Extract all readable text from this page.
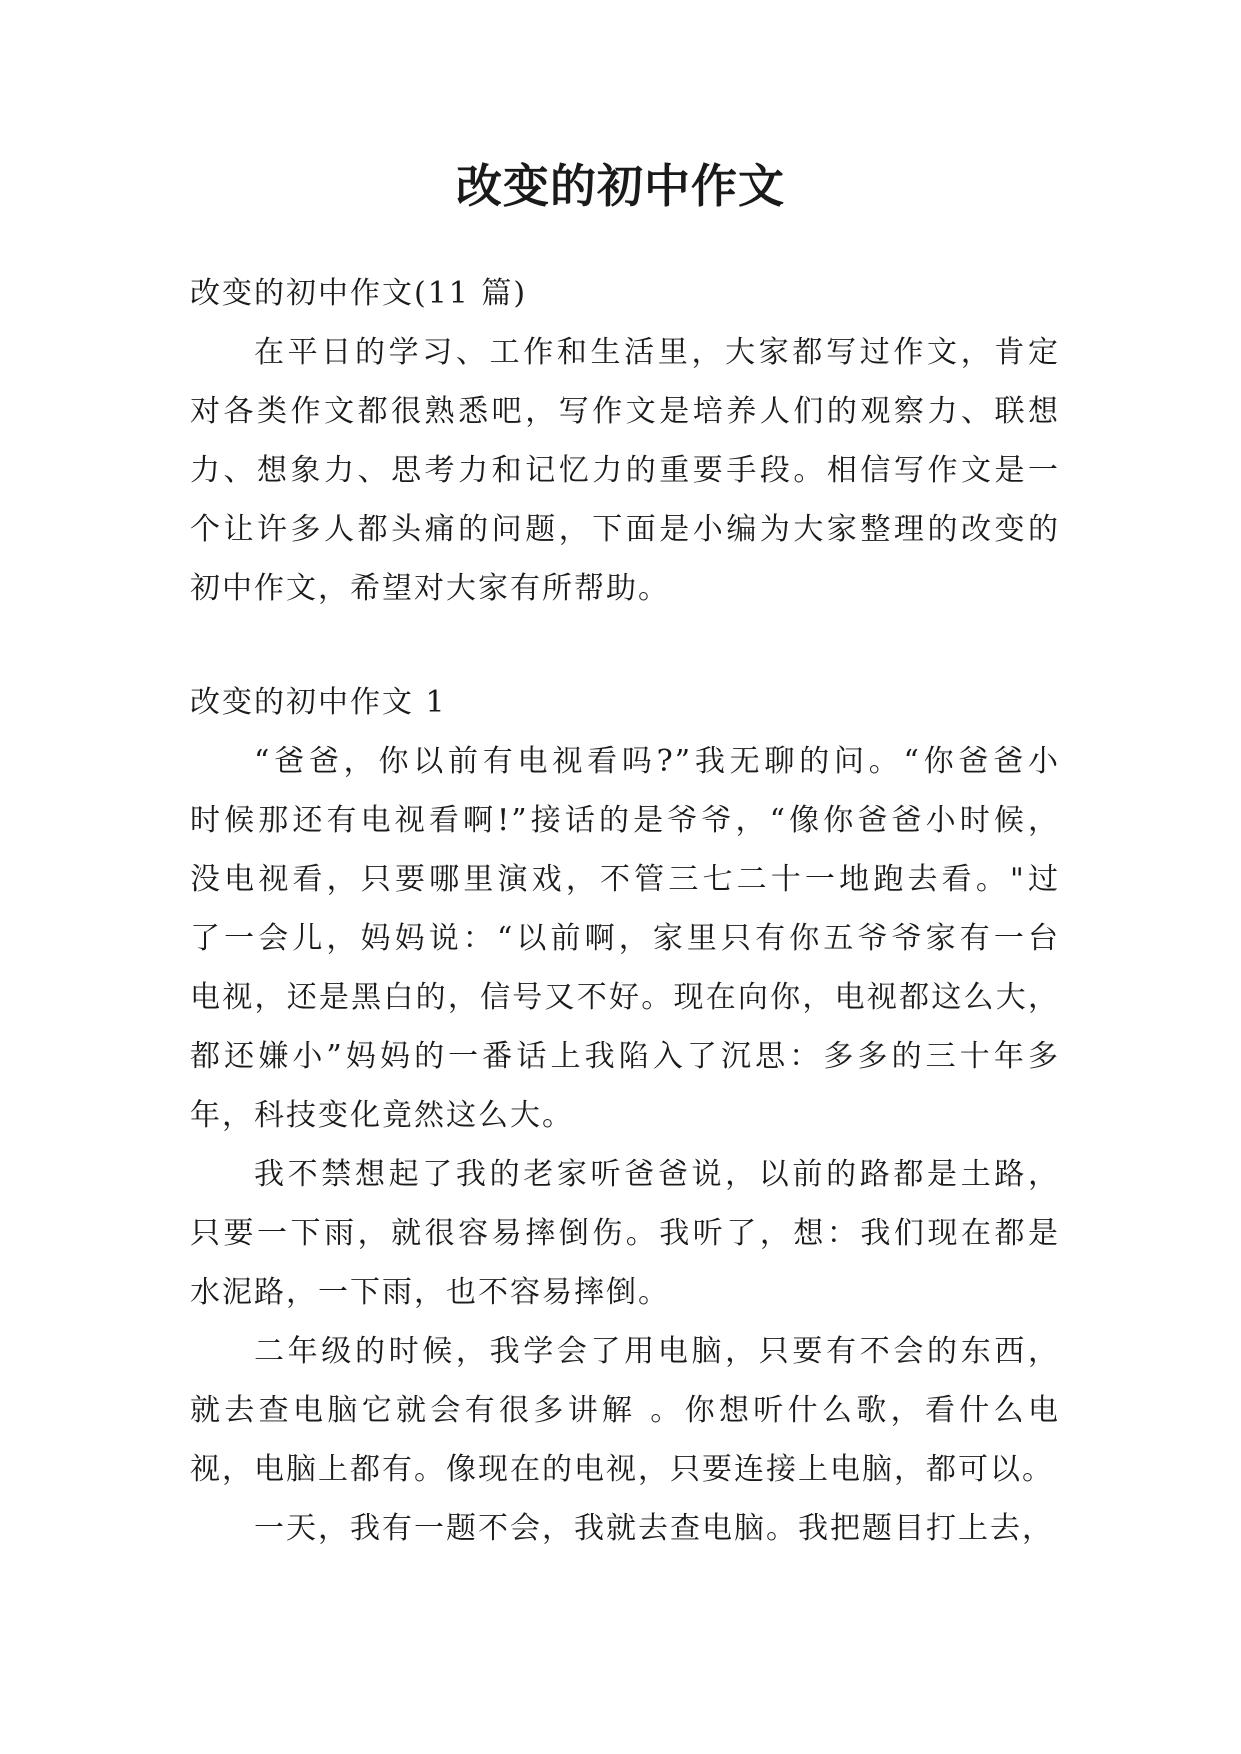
改变的初中作文
改变的初中作文(11 篇)
在平日的学习、工作和生活里，大家都写过作文，肯定
对各类作文都很熟悉吧，写作文是培养人们的观察力、联想
力、想象力、思考力和记忆力的重要手段。相信写作文是一
个让许多人都头痛的问题，下面是小编为大家整理的改变的
初中作文，希望对大家有所帮助。
改变的初中作文 1
“爸爸，你以前有电视看吗?”我无聊的问。“你爸爸小
时候那还有电视看啊!”接话的是爷爷，“像你爸爸小时候，
没电视看，只要哪里演戏，不管三七二十一地跑去看。"过
了一会儿，妈妈说：“以前啊，家里只有你五爷爷家有一台
电视，还是黑白的，信号又不好。现在向你，电视都这么大，
都还嫌小”妈妈的一番话上我陷入了沉思：多多的三十年多
年，科技变化竟然这么大。
我不禁想起了我的老家听爸爸说，以前的路都是土路，
只要一下雨，就很容易摔倒伤。我听了，想：我们现在都是
水泥路，一下雨，也不容易摔倒。
二年级的时候，我学会了用电脑，只要有不会的东西，
就去查电脑它就会有很多讲解 。你想听什么歌，看什么电
视，电脑上都有。像现在的电视，只要连接上电脑，都可以。
一天，我有一题不会，我就去查电脑。我把题目打上去，
